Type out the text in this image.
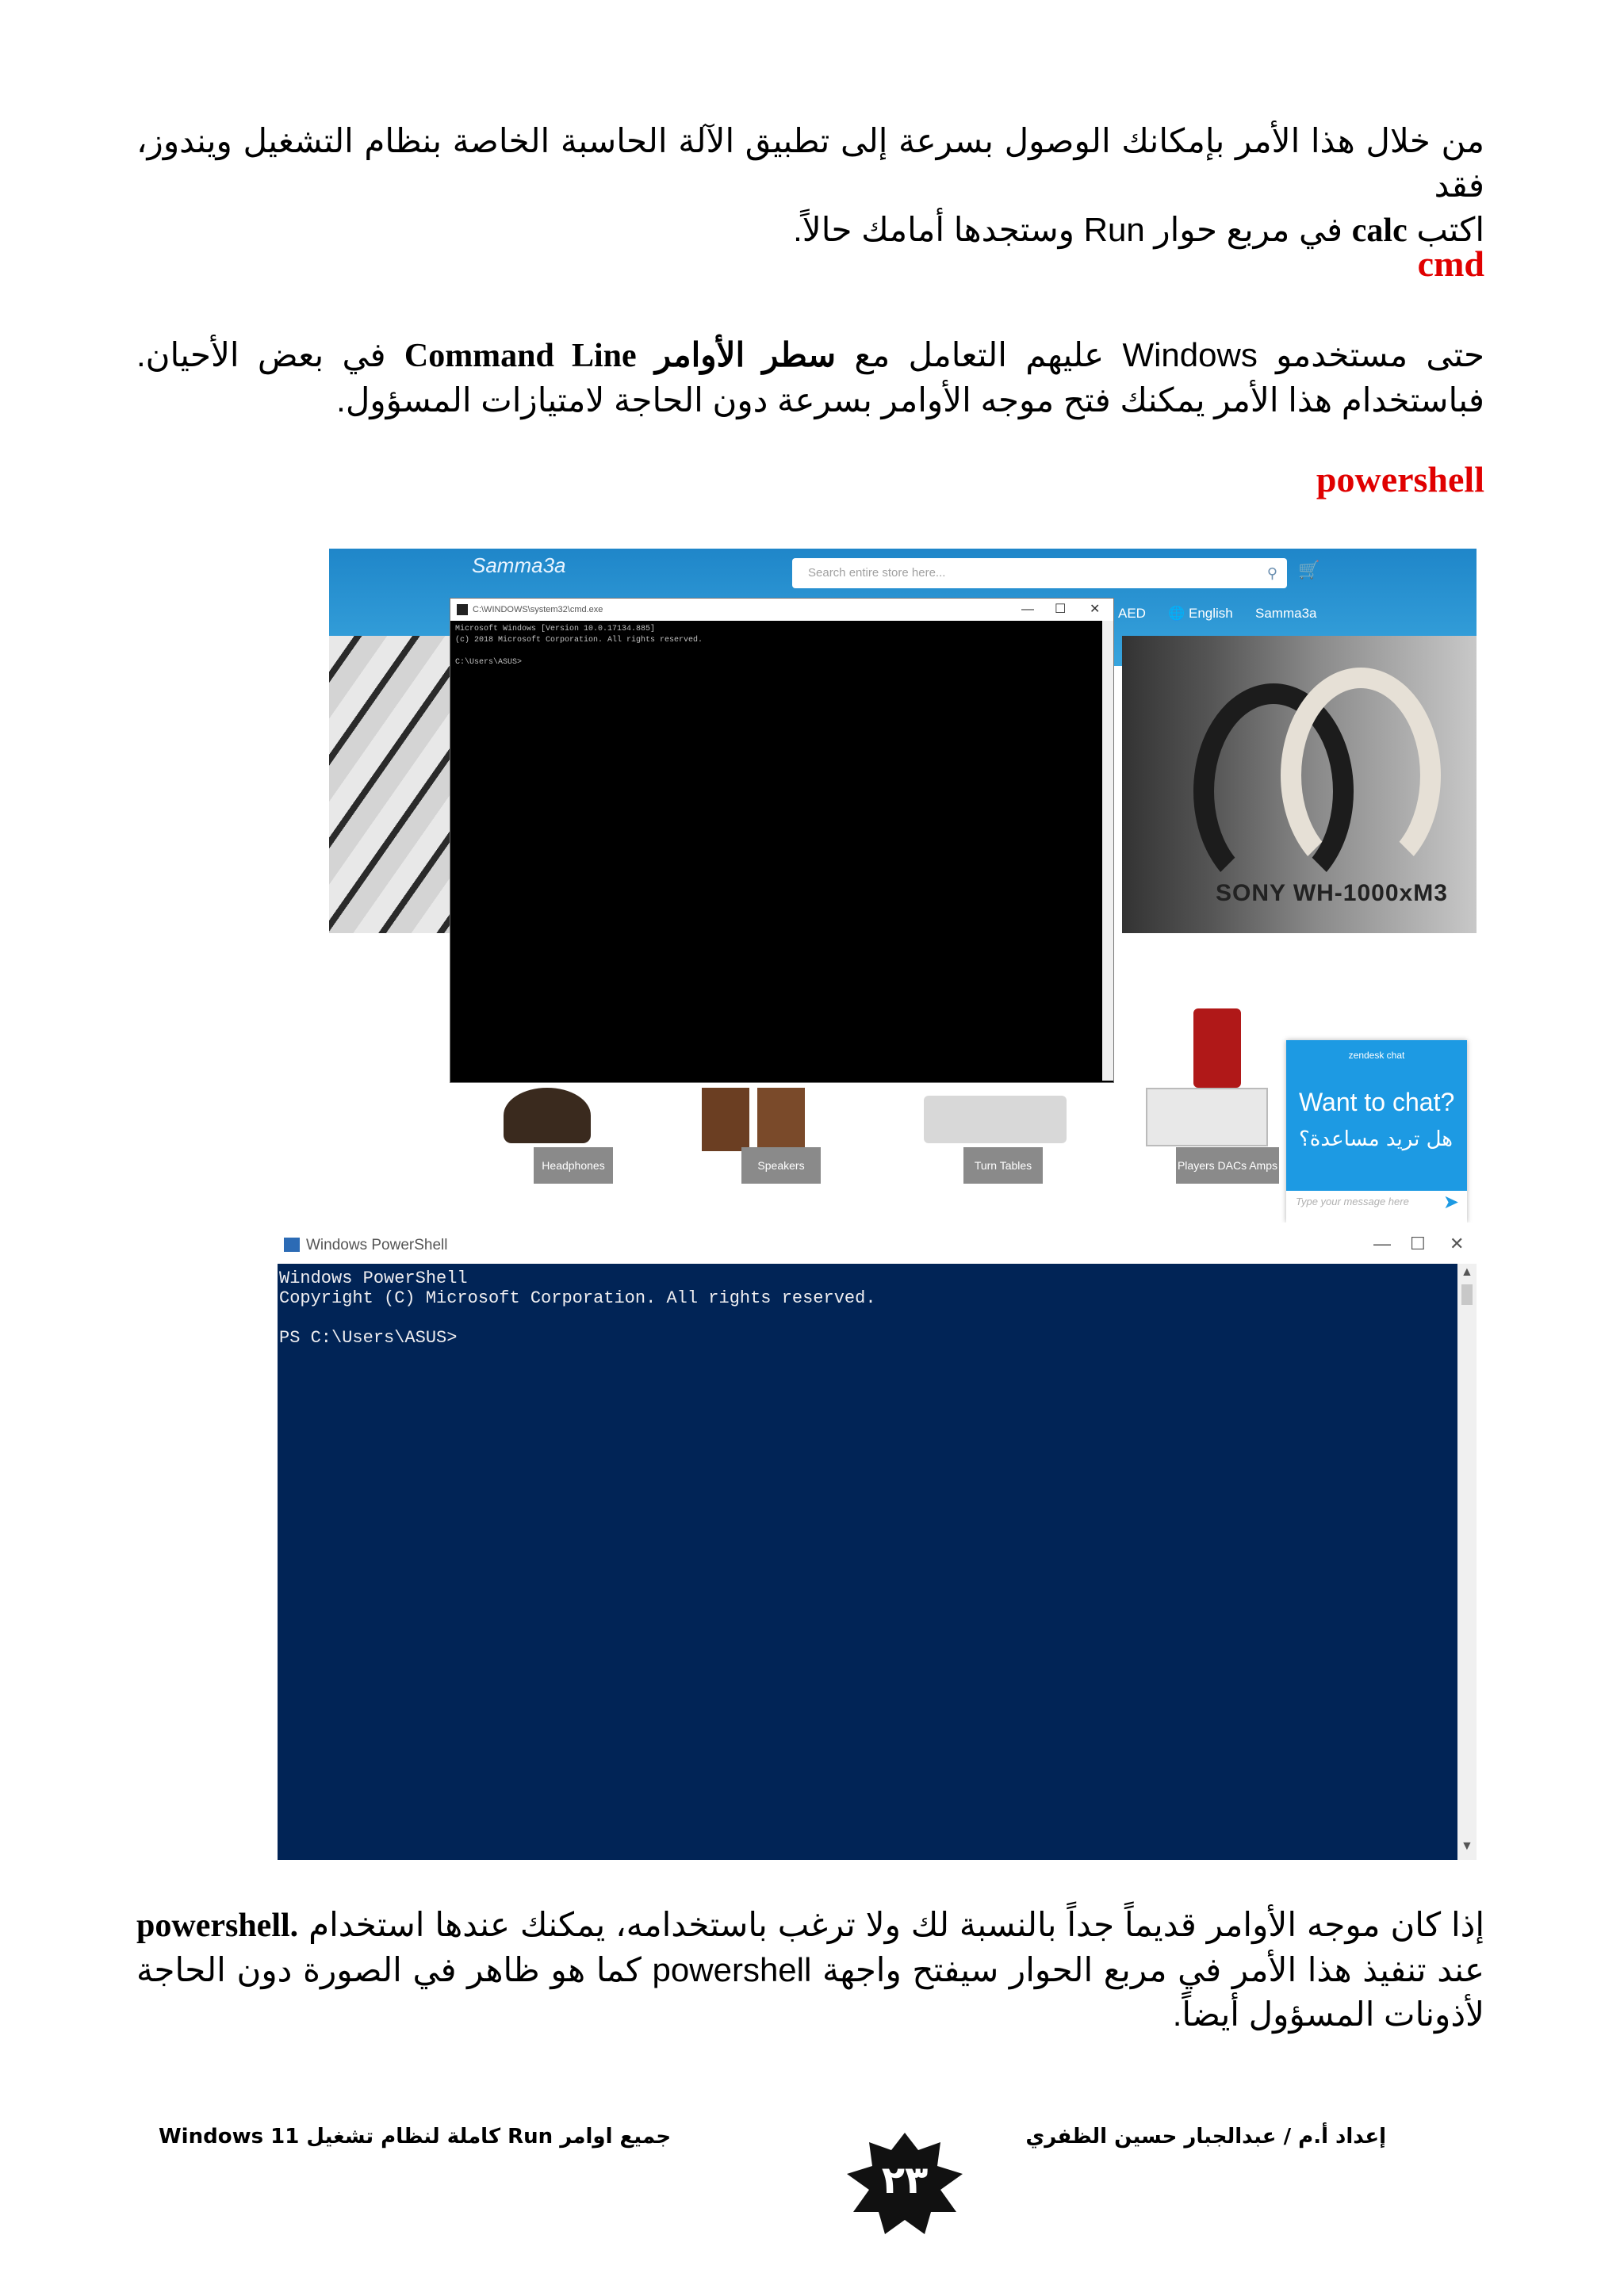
من خلال هذا الأمر بإمكانك الوصول بسرعة إلى تطبيق الآلة الحاسبة الخاصة بنظام التشغيل ويندوز، فقد
اكتب calc في مربع حوار Run وستجدها أمامك حالاً.
cmd
حتى مستخدمو Windows عليهم التعامل مع سطر الأوامر Command Line في بعض الأحيان. فباستخدام هذا الأمر يمكنك فتح موجه الأوامر بسرعة دون الحاجة لامتيازات المسؤول.
powershell
Samma3a	Search entire store here...	⚲ 🛒
AED 🌐 English Samma3a
SONY WH-1000xM3
Headphones	Speakers	Turn Tables	Players DACs Amps
zendesk chat
Want to chat?
هل تريد مساعدة؟
Type your message here ➤
C:\WINDOWS\system32\cmd.exe	— ☐ ✕
Microsoft Windows [Version 10.0.17134.885]
(c) 2018 Microsoft Corporation. All rights reserved.

C:\Users\ASUS>
Windows PowerShell	— ☐ ✕
Windows PowerShell
Copyright (C) Microsoft Corporation. All rights reserved.

PS C:\Users\ASUS>
▲
▼
إذا كان موجه الأوامر قديماً جداً بالنسبة لك ولا ترغب باستخدامه، يمكنك عندها استخدام powershell. عند تنفيذ هذا الأمر في مربع الحوار سيفتح واجهة powershell كما هو ظاهر في الصورة دون الحاجة لأذونات المسؤول أيضاً.
إعداد أ.م / عبدالجبار حسين الظفري
جميع اوامر Run كاملة لنظام تشغيل Windows 11
٢٣
